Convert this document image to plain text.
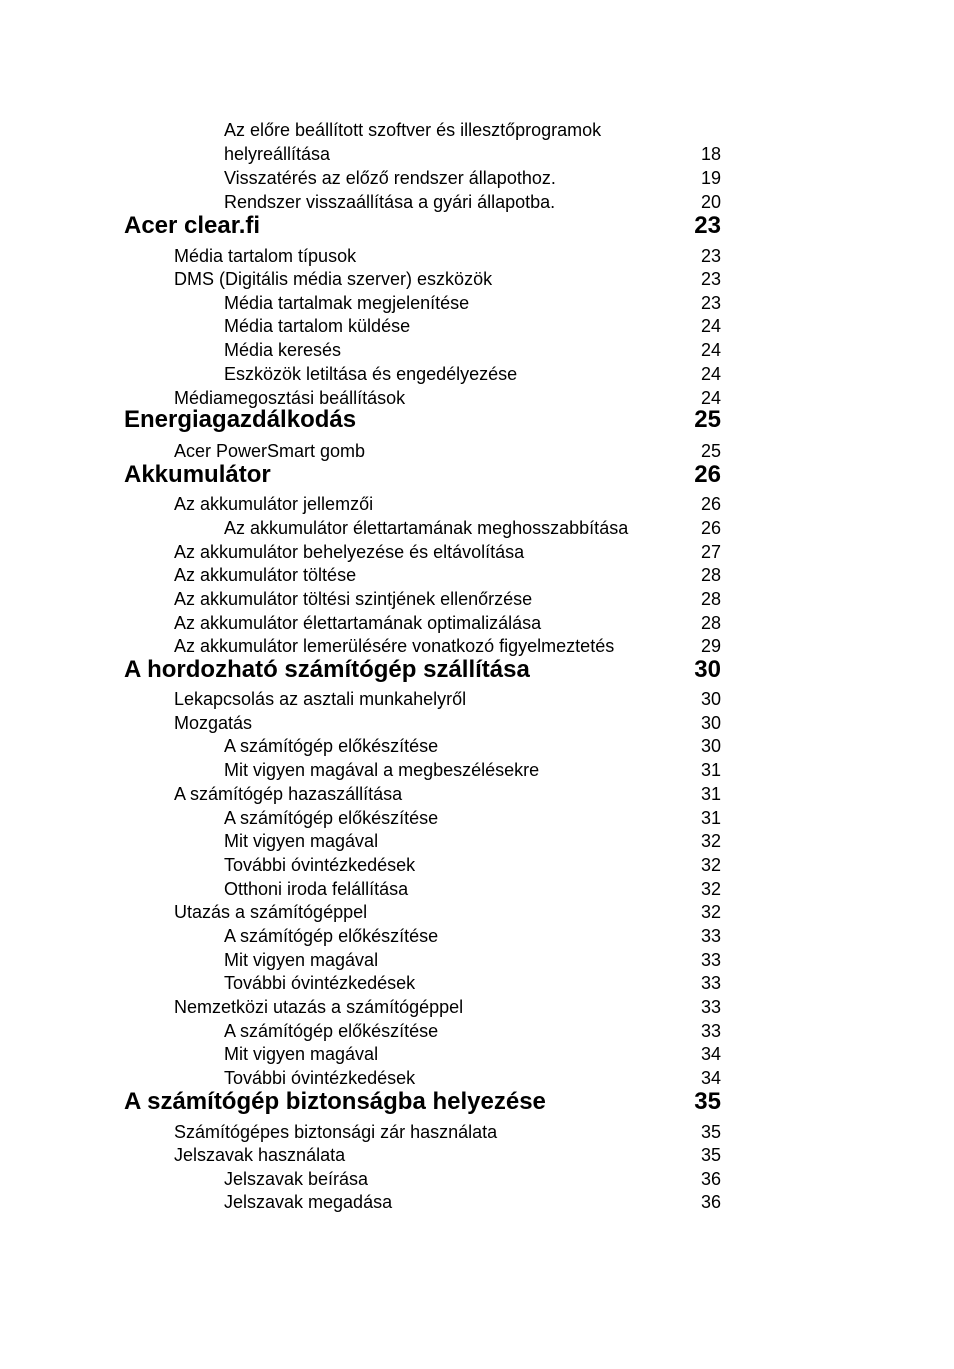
Az előre beállított szoftver és illesztőprogramok
helyreállítása	18
Visszatérés az előző rendszer állapothoz.	19
Rendszer visszaállítása a gyári állapotba.	20
Acer clear.fi	23
Média tartalom típusok	23
DMS (Digitális média szerver) eszközök	23
Média tartalmak megjelenítése	23
Média tartalom küldése	24
Média keresés	24
Eszközök letiltása és engedélyezése	24
Médiamegosztási beállítások	24
Energiagazdálkodás	25
Acer PowerSmart gomb	25
Akkumulátor	26
Az akkumulátor jellemzői	26
Az akkumulátor élettartamának meghosszabbítása	26
Az akkumulátor behelyezése és eltávolítása	27
Az akkumulátor töltése	28
Az akkumulátor töltési szintjének ellenőrzése	28
Az akkumulátor élettartamának optimalizálása	28
Az akkumulátor lemerülésére vonatkozó figyelmeztetés	29
A hordozható számítógép szállítása	30
Lekapcsolás az asztali munkahelyről	30
Mozgatás	30
A számítógép előkészítése	30
Mit vigyen magával a megbeszélésekre	31
A számítógép hazaszállítása	31
A számítógép előkészítése	31
Mit vigyen magával	32
További óvintézkedések	32
Otthoni iroda felállítása	32
Utazás a számítógéppel	32
A számítógép előkészítése	33
Mit vigyen magával	33
További óvintézkedések	33
Nemzetközi utazás a számítógéppel	33
A számítógép előkészítése	33
Mit vigyen magával	34
További óvintézkedések	34
A számítógép biztonságba helyezése	35
Számítógépes biztonsági zár használata	35
Jelszavak használata	35
Jelszavak beírása	36
Jelszavak megadása	36
